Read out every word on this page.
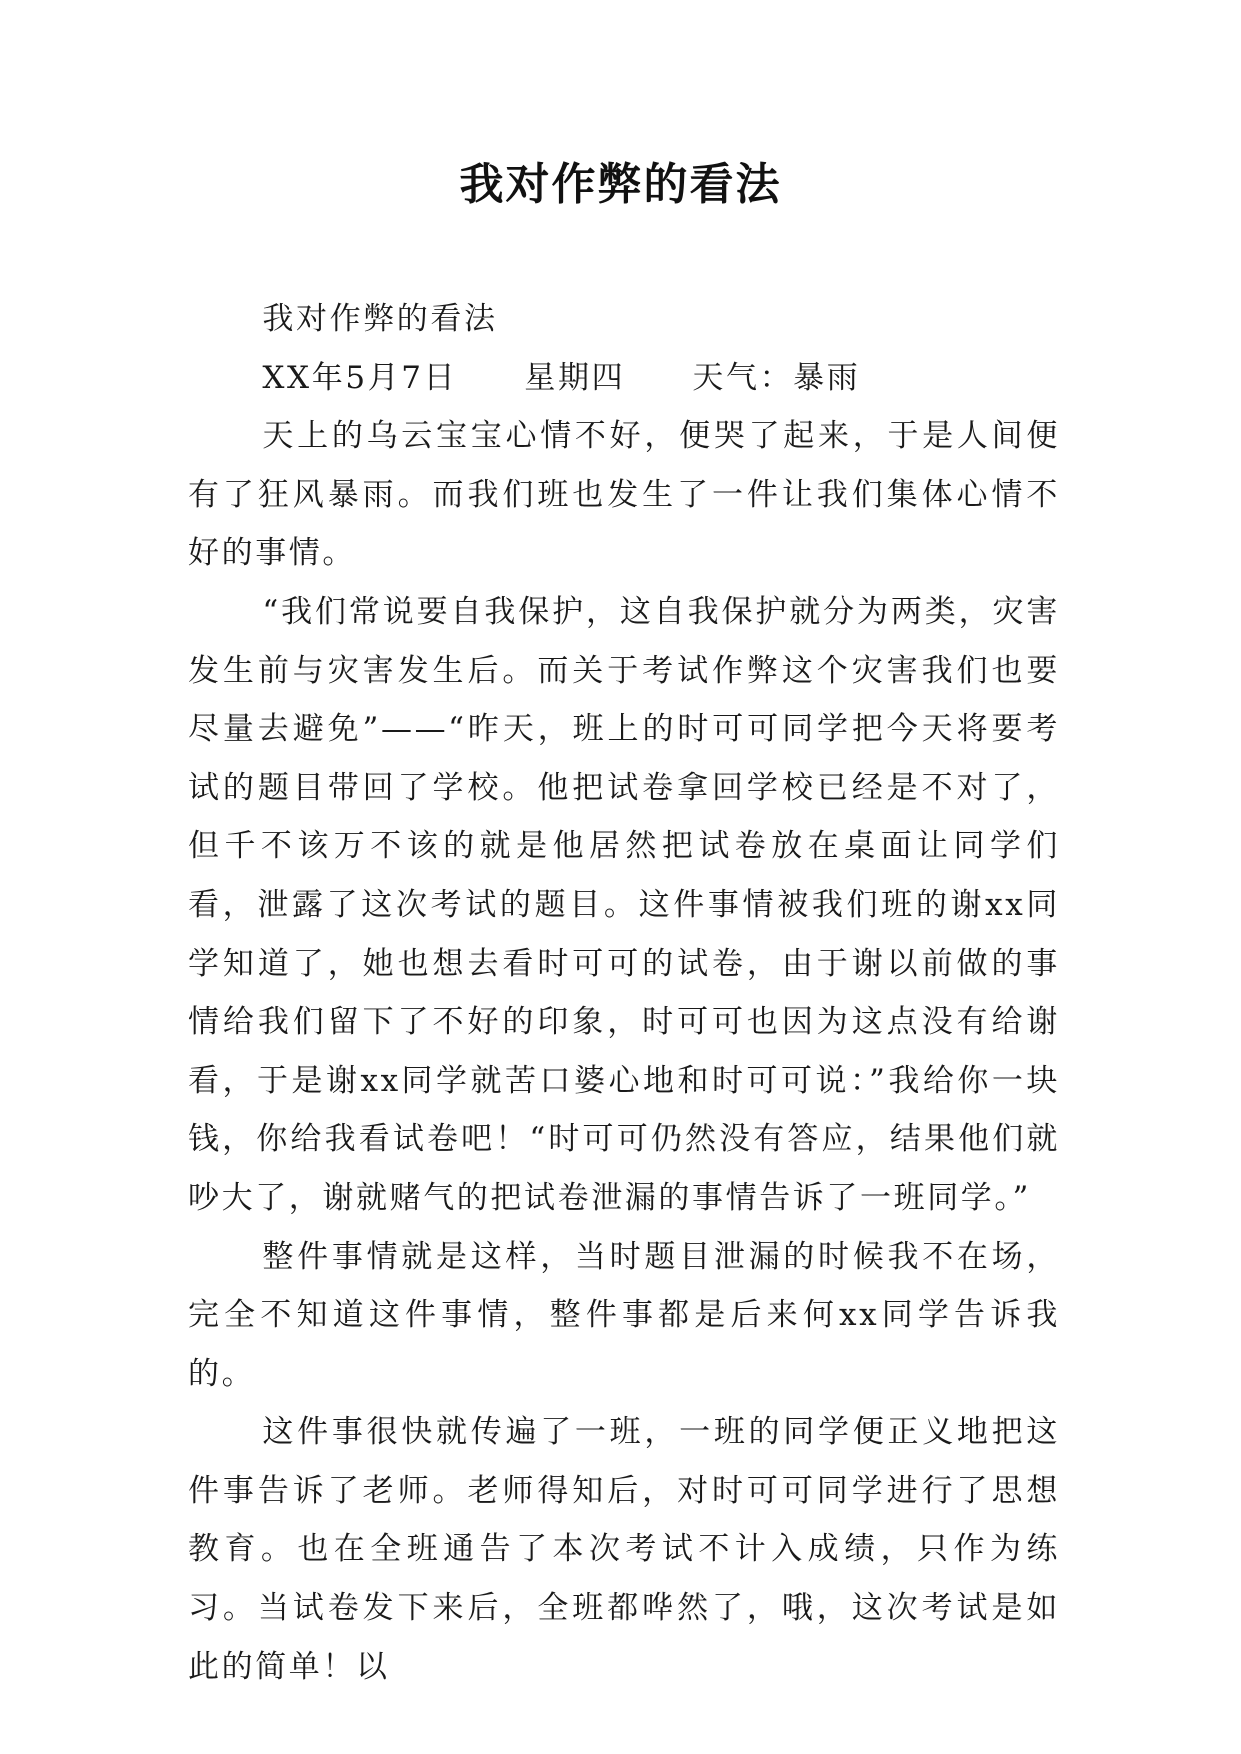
我对作弊的看法

我对作弊的看法

XX年5月7日　　星期四　　天气：暴雨

天上的乌云宝宝心情不好，便哭了起来，于是人间便有了狂风暴雨。而我们班也发生了一件让我们集体心情不好的事情。

“我们常说要自我保护，这自我保护就分为两类，灾害发生前与灾害发生后。而关于考试作弊这个灾害我们也要尽量去避免”——“昨天，班上的时可可同学把今天将要考试的题目带回了学校。他把试卷拿回学校已经是不对了，但千不该万不该的就是他居然把试卷放在桌面让同学们看，泄露了这次考试的题目。这件事情被我们班的谢xx同学知道了，她也想去看时可可的试卷，由于谢以前做的事情给我们留下了不好的印象，时可可也因为这点没有给谢看，于是谢xx同学就苦口婆心地和时可可说：”我给你一块钱，你给我看试卷吧！“时可可仍然没有答应，结果他们就吵大了，谢就赌气的把试卷泄漏的事情告诉了一班同学。”

整件事情就是这样，当时题目泄漏的时候我不在场，完全不知道这件事情，整件事都是后来何xx同学告诉我的。

这件事很快就传遍了一班，一班的同学便正义地把这件事告诉了老师。老师得知后，对时可可同学进行了思想教育。也在全班通告了本次考试不计入成绩，只作为练习。当试卷发下来后，全班都哗然了，哦，这次考试是如此的简单！以
